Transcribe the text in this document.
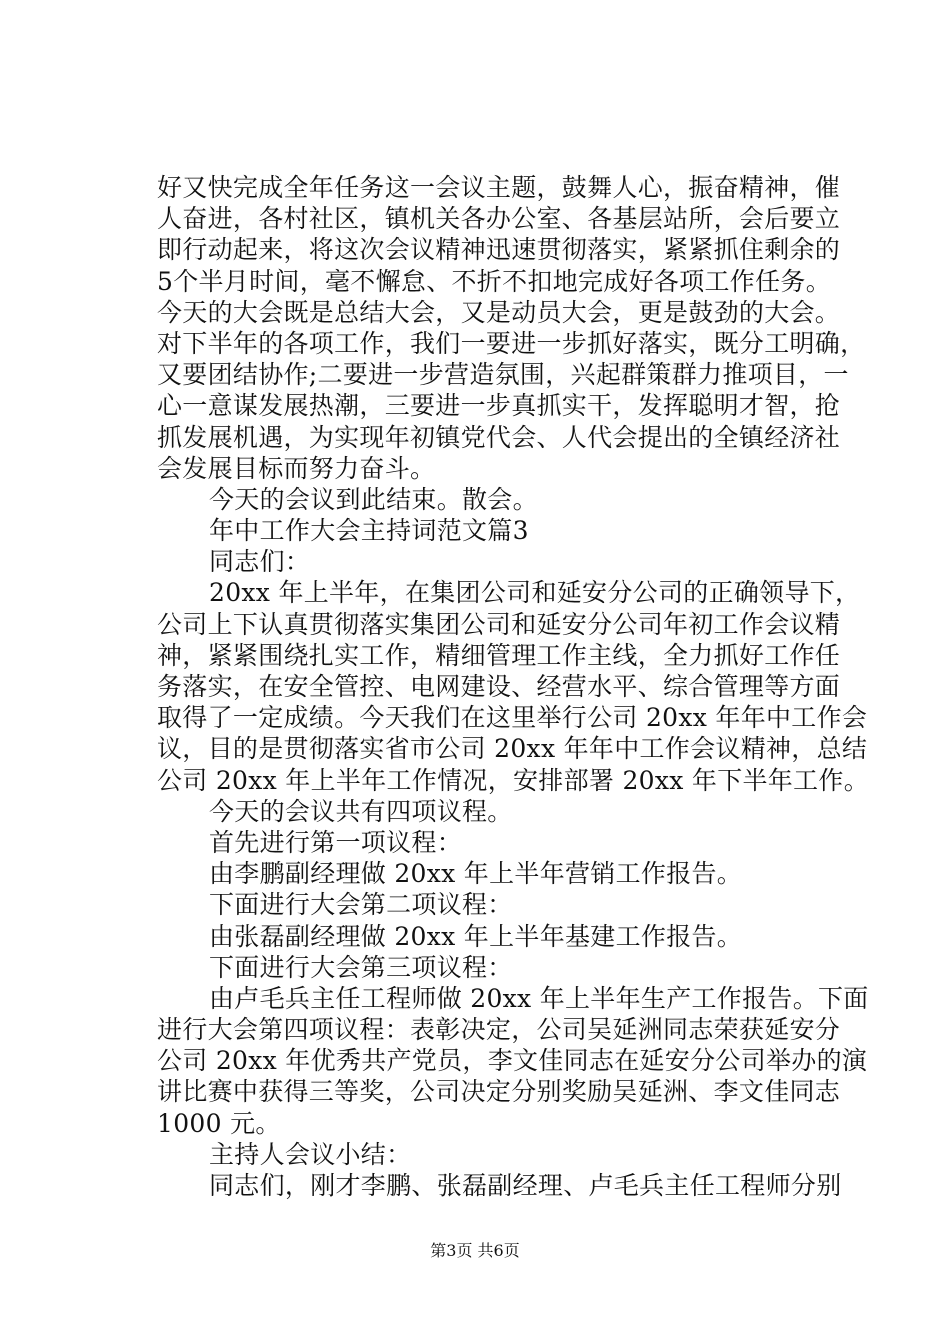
好又快完成全年任务这一会议主题，鼓舞人心，振奋精神，催
人奋进，各村社区，镇机关各办公室、各基层站所，会后要立
即行动起来，将这次会议精神迅速贯彻落实，紧紧抓住剩余的
5个半月时间，毫不懈怠、不折不扣地完成好各项工作任务。
今天的大会既是总结大会，又是动员大会，更是鼓劲的大会。
对下半年的各项工作，我们一要进一步抓好落实，既分工明确，
又要团结协作;二要进一步营造氛围，兴起群策群力推项目，一
心一意谋发展热潮，三要进一步真抓实干，发挥聪明才智，抢
抓发展机遇，为实现年初镇党代会、人代会提出的全镇经济社
会发展目标而努力奋斗。
今天的会议到此结束。散会。
年中工作大会主持词范文篇3
同志们：
20xx 年上半年，在集团公司和延安分公司的正确领导下，
公司上下认真贯彻落实集团公司和延安分公司年初工作会议精
神，紧紧围绕扎实工作，精细管理工作主线，全力抓好工作任
务落实，在安全管控、电网建设、经营水平、综合管理等方面
取得了一定成绩。今天我们在这里举行公司 20xx 年年中工作会
议，目的是贯彻落实省市公司 20xx 年年中工作会议精神，总结
公司 20xx 年上半年工作情况，安排部署 20xx 年下半年工作。
今天的会议共有四项议程。
首先进行第一项议程：
由李鹏副经理做 20xx 年上半年营销工作报告。
下面进行大会第二项议程：
由张磊副经理做 20xx 年上半年基建工作报告。
下面进行大会第三项议程：
由卢毛兵主任工程师做 20xx 年上半年生产工作报告。下面
进行大会第四项议程：表彰决定，公司吴延洲同志荣获延安分
公司 20xx 年优秀共产党员，李文佳同志在延安分公司举办的演
讲比赛中获得三等奖，公司决定分别奖励吴延洲、李文佳同志
1000 元。
主持人会议小结：
同志们，刚才李鹏、张磊副经理、卢毛兵主任工程师分别
第3页 共6页
